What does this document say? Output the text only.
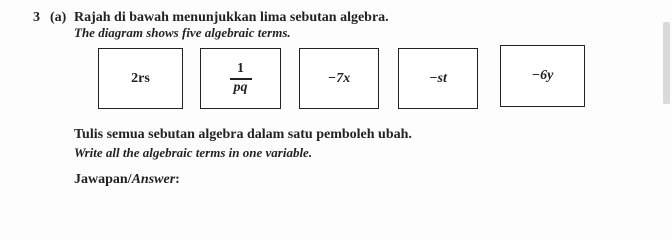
3 (a) Rajah di bawah menunjukkan lima sebutan algebra.
The diagram shows five algebraic terms.
2rs	$\frac{1}{pq}$	−7x	−st	−6y
Tulis semua sebutan algebra dalam satu pemboleh ubah.
Write all the algebraic terms in one variable.
Jawapan/Answer:
